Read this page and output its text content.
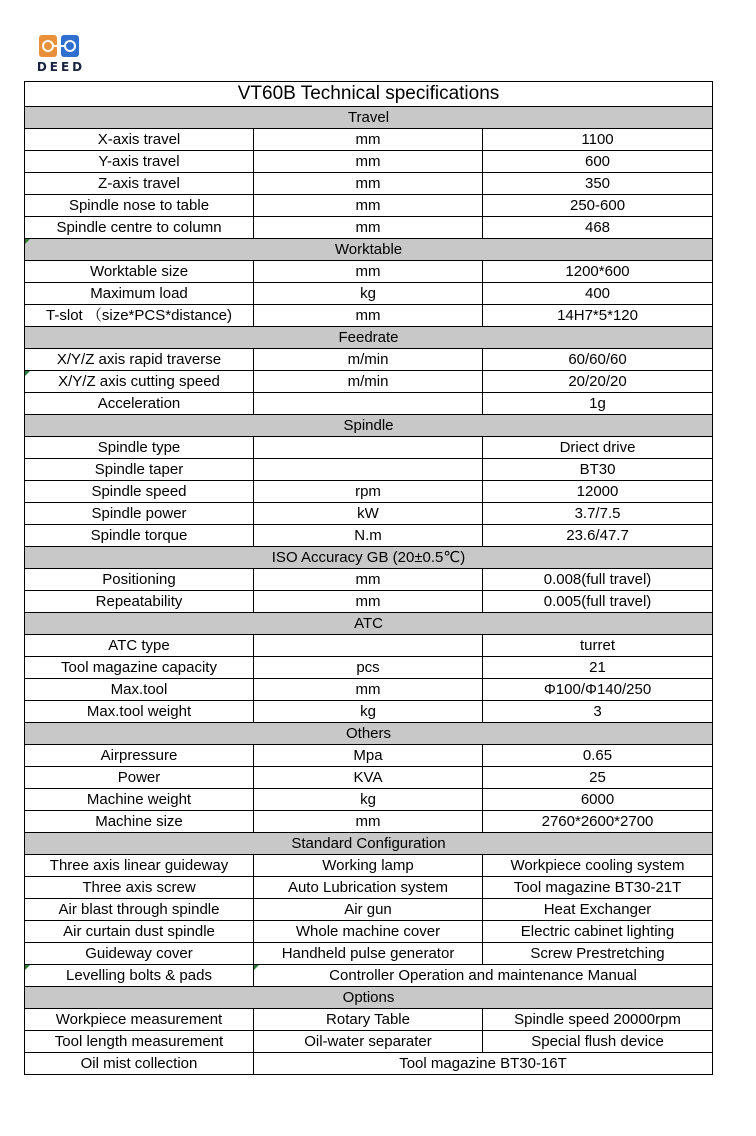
DEED
VT60B Technical specifications		
Travel		
X-axis travel	mm	1100
Y-axis travel	mm	600
Z-axis travel	mm	350
Spindle nose to table	mm	250-600
Spindle centre to column	mm	468
Worktable		
Worktable size	mm	1200*600
Maximum load	kg	400
T-slot （size*PCS*distance)	mm	14H7*5*120
Feedrate		
X/Y/Z axis rapid traverse	m/min	60/60/60
X/Y/Z axis cutting speed	m/min	20/20/20
Acceleration		1g
Spindle		
Spindle type		Driect drive
Spindle taper		BT30
Spindle speed	rpm	12000
Spindle power	kW	3.7/7.5
Spindle torque	N.m	23.6/47.7
ISO Accuracy GB (20±0.5℃)		
Positioning	mm	0.008(full travel)
Repeatability	mm	0.005(full travel)
ATC		
ATC type		turret
Tool magazine capacity	pcs	21
Max.tool	mm	Φ100/Φ140/250
Max.tool weight	kg	3
Others		
Airpressure	Mpa	0.65
Power	KVA	25
Machine weight	kg	6000
Machine size	mm	2760*2600*2700
Standard Configuration		
Three axis linear guideway	Working lamp	Workpiece cooling system
Three axis screw	Auto Lubrication system	Tool magazine BT30-21T
Air blast through spindle	Air gun	Heat Exchanger
Air curtain dust spindle	Whole machine cover	Electric cabinet lighting
Guideway cover	Handheld pulse generator	Screw Prestretching
Levelling bolts & pads	Controller Operation and maintenance Manual	
Options		
Workpiece measurement	Rotary Table	Spindle speed 20000rpm
Tool length measurement	Oil-water separater	Special flush device
Oil mist collection	Tool magazine BT30-16T	
